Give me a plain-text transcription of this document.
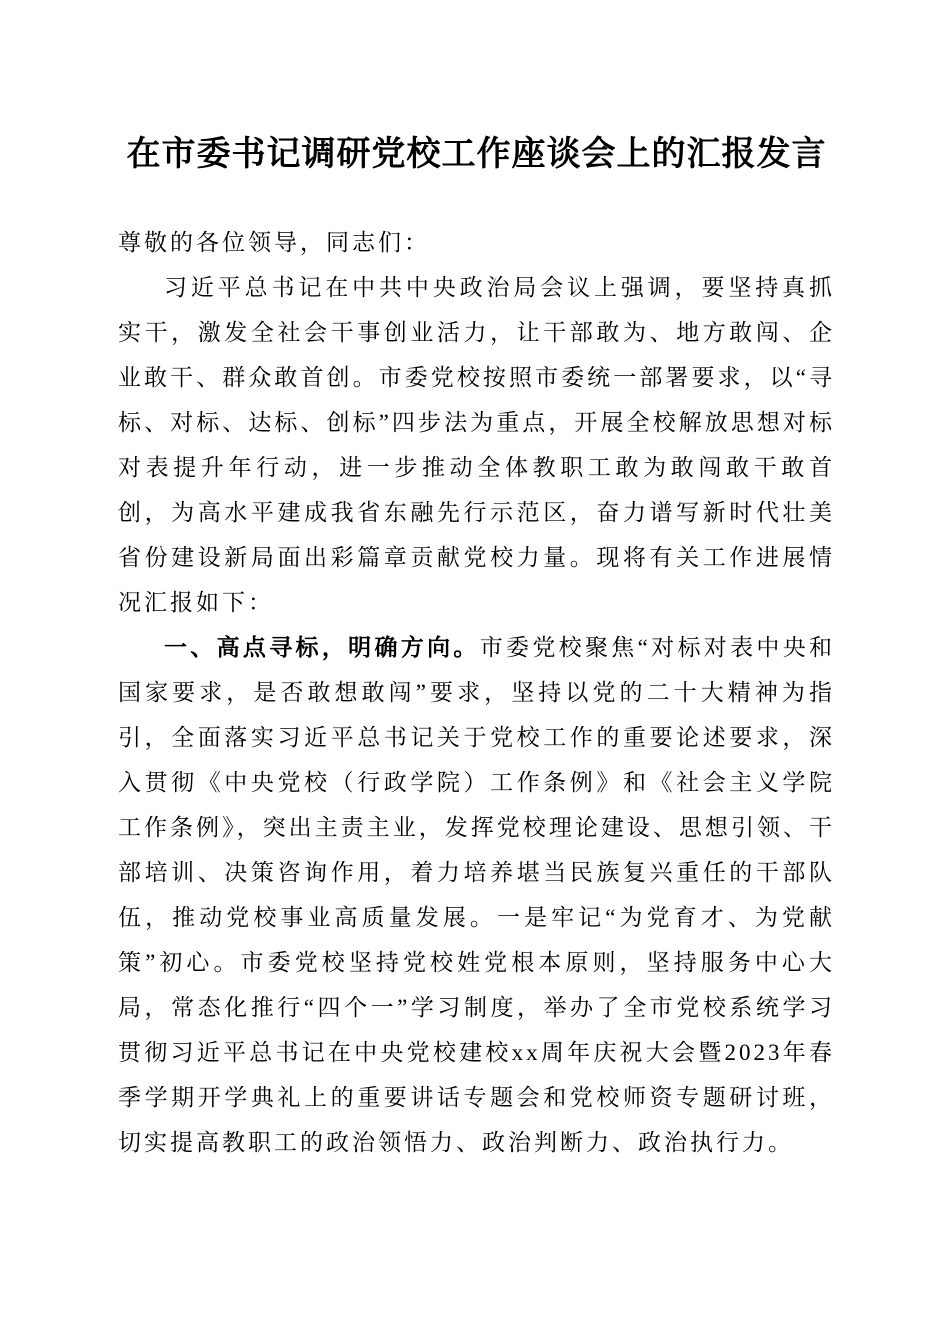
在市委书记调研党校工作座谈会上的汇报发言

尊敬的各位领导，同志们：

习近平总书记在中共中央政治局会议上强调，要坚持真抓实干，激发全社会干事创业活力，让干部敢为、地方敢闯、企业敢干、群众敢首创。市委党校按照市委统一部署要求，以“寻标、对标、达标、创标”四步法为重点，开展全校解放思想对标对表提升年行动，进一步推动全体教职工敢为敢闯敢干敢首创，为高水平建成我省东融先行示范区，奋力谱写新时代壮美省份建设新局面出彩篇章贡献党校力量。现将有关工作进展情况汇报如下：

一、高点寻标，明确方向。市委党校聚焦“对标对表中央和国家要求，是否敢想敢闯”要求，坚持以党的二十大精神为指引，全面落实习近平总书记关于党校工作的重要论述要求，深入贯彻《中央党校（行政学院）工作条例》和《社会主义学院工作条例》，突出主责主业，发挥党校理论建设、思想引领、干部培训、决策咨询作用，着力培养堪当民族复兴重任的干部队伍，推动党校事业高质量发展。一是牢记“为党育才、为党献策”初心。市委党校坚持党校姓党根本原则，坚持服务中心大局，常态化推行“四个一”学习制度，举办了全市党校系统学习贯彻习近平总书记在中央党校建校xx周年庆祝大会暨2023年春季学期开学典礼上的重要讲话专题会和党校师资专题研讨班，切实提高教职工的政治领悟力、政治判断力、政治执行力。
